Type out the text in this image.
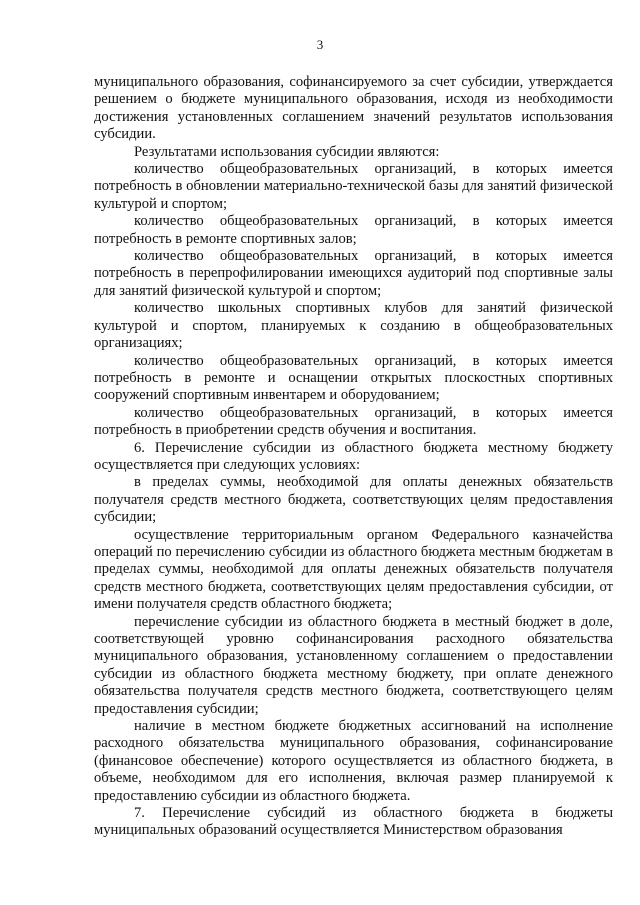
3

муниципального образования, софинансируемого за счет субсидии, утверждается решением о бюджете муниципального образования, исходя из необходимости достижения установленных соглашением значений результатов использования субсидии.

Результатами использования субсидии являются:

количество общеобразовательных организаций, в которых имеется потребность в обновлении материально-технической базы для занятий физической культурой и спортом;

количество общеобразовательных организаций, в которых имеется потребность в ремонте спортивных залов;

количество общеобразовательных организаций, в которых имеется потребность в перепрофилировании имеющихся аудиторий под спортивные залы для занятий физической культурой и спортом;

количество школьных спортивных клубов для занятий физической культурой и спортом, планируемых к созданию в общеобразовательных организациях;

количество общеобразовательных организаций, в которых имеется потребность в ремонте и оснащении открытых плоскостных спортивных сооружений спортивным инвентарем и оборудованием;

количество общеобразовательных организаций, в которых имеется потребность в приобретении средств обучения и воспитания.

6. Перечисление субсидии из областного бюджета местному бюджету осуществляется при следующих условиях:

в пределах суммы, необходимой для оплаты денежных обязательств получателя средств местного бюджета, соответствующих целям предоставления субсидии;

осуществление территориальным органом Федерального казначейства операций по перечислению субсидии из областного бюджета местным бюджетам в пределах суммы, необходимой для оплаты денежных обязательств получателя средств местного бюджета, соответствующих целям предоставления субсидии, от имени получателя средств областного бюджета;

перечисление субсидии из областного бюджета в местный бюджет в доле, соответствующей уровню софинансирования расходного обязательства муниципального образования, установленному соглашением о предоставлении субсидии из областного бюджета местному бюджету, при оплате денежного обязательства получателя средств местного бюджета, соответствующего целям предоставления субсидии;

наличие в местном бюджете бюджетных ассигнований на исполнение расходного обязательства муниципального образования, софинансирование (финансовое обеспечение) которого осуществляется из областного бюджета, в объеме, необходимом для его исполнения, включая размер планируемой к предоставлению субсидии из областного бюджета.

7. Перечисление субсидий из областного бюджета в бюджеты муниципальных образований осуществляется Министерством образования
